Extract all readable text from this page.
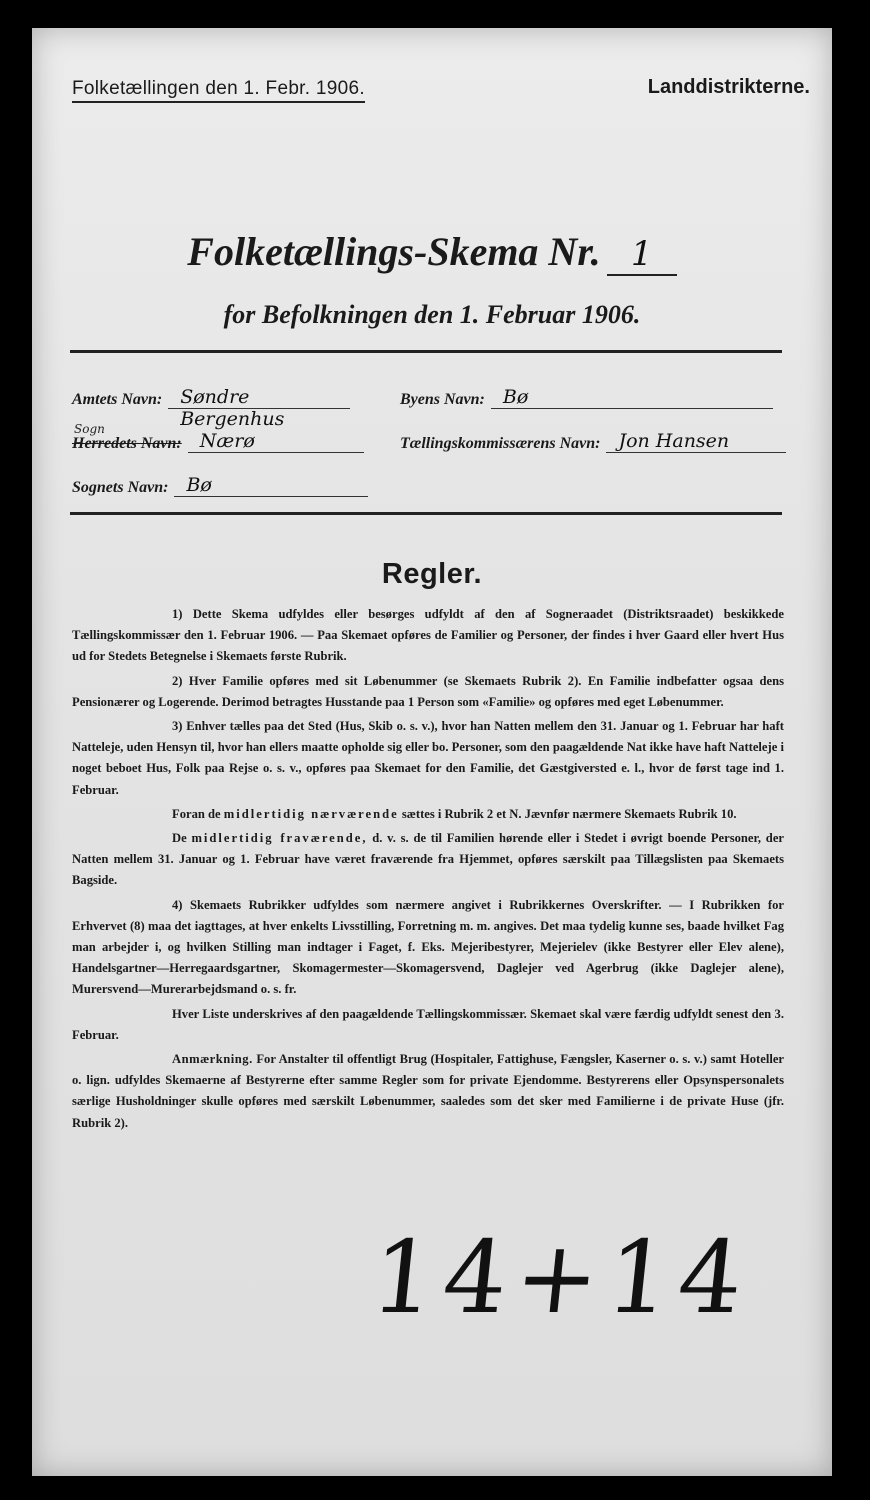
Folketællingen den 1. Febr. 1906.	Landdistrikterne.
Folketællings-Skema Nr. 1
for Befolkningen den 1. Februar 1906.
Amtets Navn: Søndre Bergenhus
Sogn
Herredets Navn: Nærø
Sognets Navn: Bø
Byens Navn: Bø
Tællingskommissærens Navn: Jon Hansen
Regler.

1) Dette Skema udfyldes eller besørges udfyldt af den af Sogneraadet (Distriktsraadet) beskikkede Tællingskommissær den 1. Februar 1906. — Paa Skemaet opføres de Familier og Personer, der findes i hver Gaard eller hvert Hus ud for Stedets Betegnelse i Skemaets første Rubrik.

2) Hver Familie opføres med sit Løbenummer (se Skemaets Rubrik 2). En Familie indbefatter ogsaa dens Pensionærer og Logerende. Derimod betragtes Husstande paa 1 Person som «Familie» og opføres med eget Løbenummer.

3) Enhver tælles paa det Sted (Hus, Skib o. s. v.), hvor han Natten mellem den 31. Januar og 1. Februar har haft Natteleje, uden Hensyn til, hvor han ellers maatte opholde sig eller bo. Personer, som den paagældende Nat ikke have haft Natteleje i noget beboet Hus, Folk paa Rejse o. s. v., opføres paa Skemaet for den Familie, det Gæstgiversted e. l., hvor de først tage ind 1. Februar.

Foran de midlertidig nærværende sættes i Rubrik 2 et N. Jævnfør nærmere Skemaets Rubrik 10.

De midlertidig fraværende, d. v. s. de til Familien hørende eller i Stedet i øvrigt boende Personer, der Natten mellem 31. Januar og 1. Februar have været fraværende fra Hjemmet, opføres særskilt paa Tillægslisten paa Skemaets Bagside.

4) Skemaets Rubrikker udfyldes som nærmere angivet i Rubrikkernes Overskrifter. — I Rubrikken for Erhvervet (8) maa det iagttages, at hver enkelts Livsstilling, Forretning m. m. angives. Det maa tydelig kunne ses, baade hvilket Fag man arbejder i, og hvilken Stilling man indtager i Faget, f. Eks. Mejeribestyrer, Mejerielev (ikke Bestyrer eller Elev alene), Handelsgartner—Herregaardsgartner, Skomagermester—Skomagersvend, Daglejer ved Agerbrug (ikke Daglejer alene), Murersvend—Murerarbejdsmand o. s. fr.

Hver Liste underskrives af den paagældende Tællingskommissær. Skemaet skal være færdig udfyldt senest den 3. Februar.

Anmærkning. For Anstalter til offentligt Brug (Hospitaler, Fattighuse, Fængsler, Kaserner o. s. v.) samt Hoteller o. lign. udfyldes Skemaerne af Bestyrerne efter samme Regler som for private Ejendomme. Bestyrerens eller Opsynspersonalets særlige Husholdninger skulle opføres med særskilt Løbenummer, saaledes som det sker med Familierne i de private Huse (jfr. Rubrik 2).

14+14
